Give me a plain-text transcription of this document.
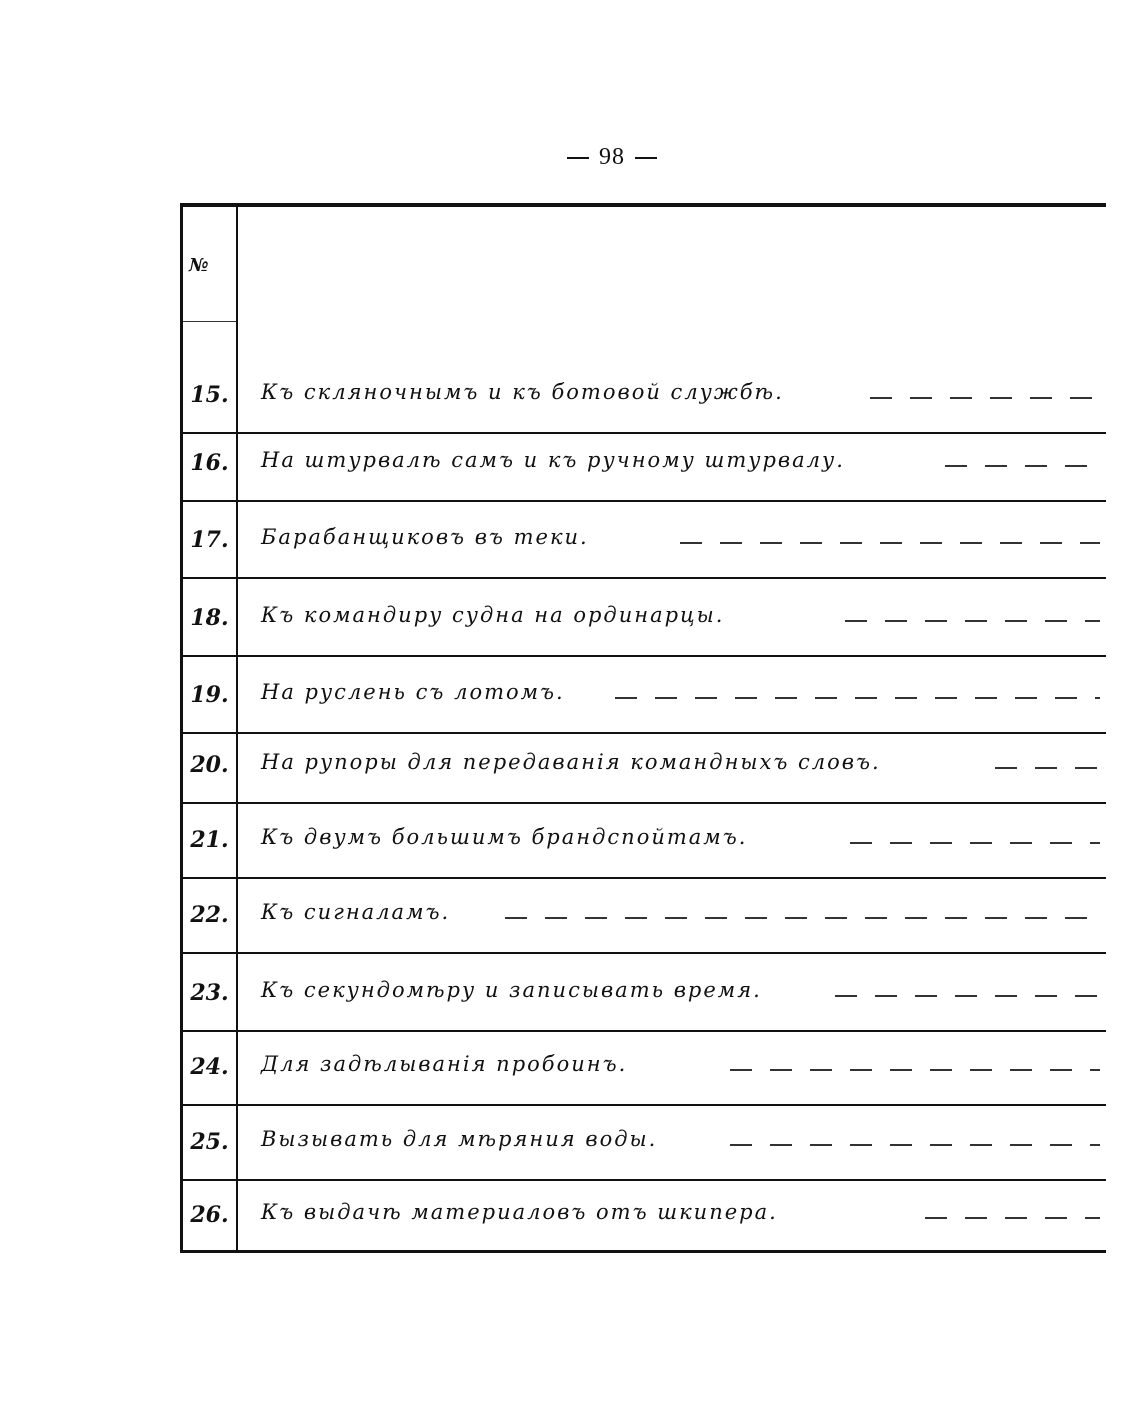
98
№
15.	Къ скляночнымъ и къ ботовой службѣ.
16.	На штурвалѣ самъ и къ ручному штурвалу.
17.	Барабанщиковъ въ теки.
18.	Къ командиру судна на ординарцы.
19.	На руслень съ лотомъ.
20.	На рупоры для передаванія командныхъ словъ.
21.	Къ двумъ большимъ брандспойтамъ.
22.	Къ сигналамъ.
23.	Къ секундомѣру и записывать время.
24.	Для задѣлыванія пробоинъ.
25.	Вызывать для мѣряния воды.
26.	Къ выдачѣ материаловъ отъ шкипера.
